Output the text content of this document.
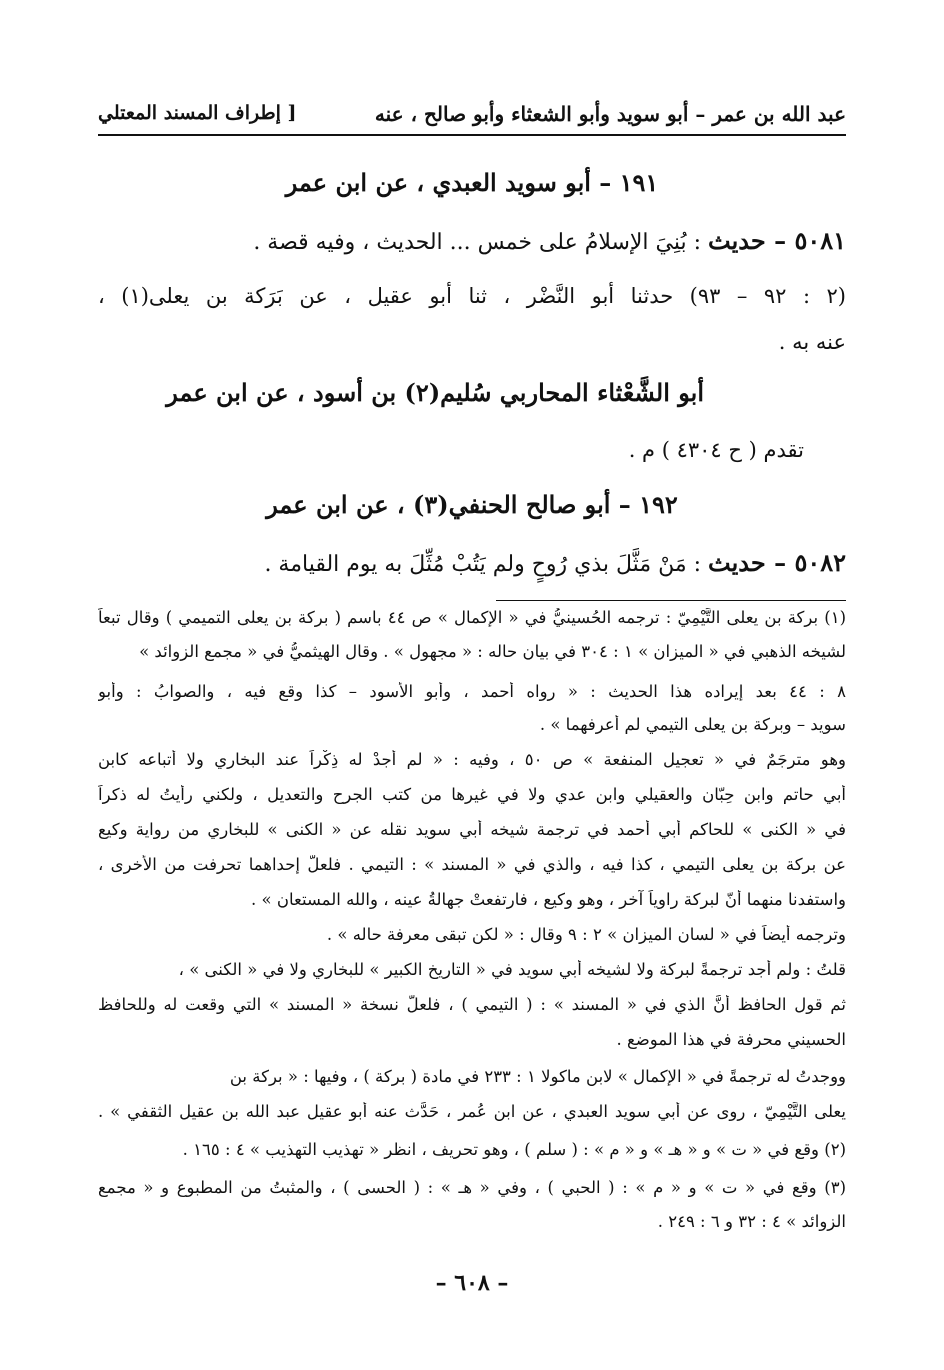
عبد الله بن عمر – أبو سويد وأبو الشعثاء وأبو صالح ، عنه
[ إطراف المسند المعتلي
١٩١ – أبو سويد العبدي ، عن ابن عمر
٥٠٨١ – حديث : بُنِيَ الإسلامُ على خمس ... الحديث ، وفيه قصة .
(٢ : ٩٢ – ٩٣) حدثنا أبو النَّضْر ، ثنا أبو عقيل ، عن بَرَكة بن يعلى(١) ،
عنه به .
أبو الشَّعْثاء المحاربي سُليم(٢) بن أسود ، عن ابن عمر
تقدم ( ح ٤٣٠٤ ) م .
١٩٢ – أبو صالح الحنفي(٣) ، عن ابن عمر
٥٠٨٢ – حديث : مَنْ مَثَّلَ بذي رُوحٍ ولم يَتُبْ مُثِّلَ به يوم القيامة .
(١) بركة بن يعلى التَّيْمِيّ : ترجمه الحُسينيُّ في « الإكمال » ص ٤٤ باسم ( بركة بن يعلى التميمي ) وقال تبعاً
لشيخه الذهبي في « الميزان » ١ : ٣٠٤ في بيان حاله : « مجهول » . وقال الهيثميُّ في « مجمع الزوائد »
٨ : ٤٤ بعد إيراده هذا الحديث : « رواه أحمد ، وأبو الأسود – كذا وقع فيه ، والصوابُ : وأبو
سويد – وبركة بن يعلى التيمي لم أعرفهما » .
وهو مترجَمٌ في « تعجيل المنفعة » ص ٥٠ ، وفيه : « لم أجدْ له ذِكْراً عند البخاري ولا أتباعه كابن
أبي حاتم وابن حِبّان والعقيلي وابن عدي ولا في غيرها من كتب الجرح والتعديل ، ولكني رأيتُ له ذكراً
في « الكنى » للحاكم أبي أحمد في ترجمة شيخه أبي سويد نقله عن « الكنى » للبخاري من رواية وكيع
عن بركة بن يعلى التيمي ، كذا فيه ، والذي في « المسند » : التيمي . فلعلّ إحداهما تحرفت من الأخرى ،
واستفدنا منهما أنّ لبركة راوياً آخر ، وهو وكيع ، فارتفعتْ جهالةُ عينه ، والله المستعان » .
وترجمه أيضاً في « لسان الميزان » ٢ : ٩ وقال : « لكن تبقى معرفة حاله » .
قلتُ : ولم أجد ترجمةً لبركة ولا لشيخه أبي سويد في « التاريخ الكبير » للبخاري ولا في « الكنى » ،
ثم قول الحافظ أنَّ الذي في « المسند » : ( التيمي ) ، فلعلَّ نسخة « المسند » التي وقعت له وللحافظ
الحسيني محرفة في هذا الموضع .
ووجدتُ له ترجمةً في « الإكمال » لابن ماكولا ١ : ٢٣٣ في مادة ( بركة ) ، وفيها : « بركة بن
يعلى التَّيْمِيّ ، روى عن أبي سويد العبدي ، عن ابن عُمر ، حَدَّث عنه أبو عقيل عبد الله بن عقيل الثقفي » .
(٢) وقع في « ت » و « هـ » و « م » : ( سلم ) ، وهو تحريف ، انظر « تهذيب التهذيب » ٤ : ١٦٥ .
(٣) وقع في « ت » و « م » : ( الحبي ) ، وفي « هـ » : ( الحسى ) ، والمثبتُ من المطبوع و « مجمع
الزوائد » ٤ : ٣٢ و ٦ : ٢٤٩ .
– ٦٠٨ –
